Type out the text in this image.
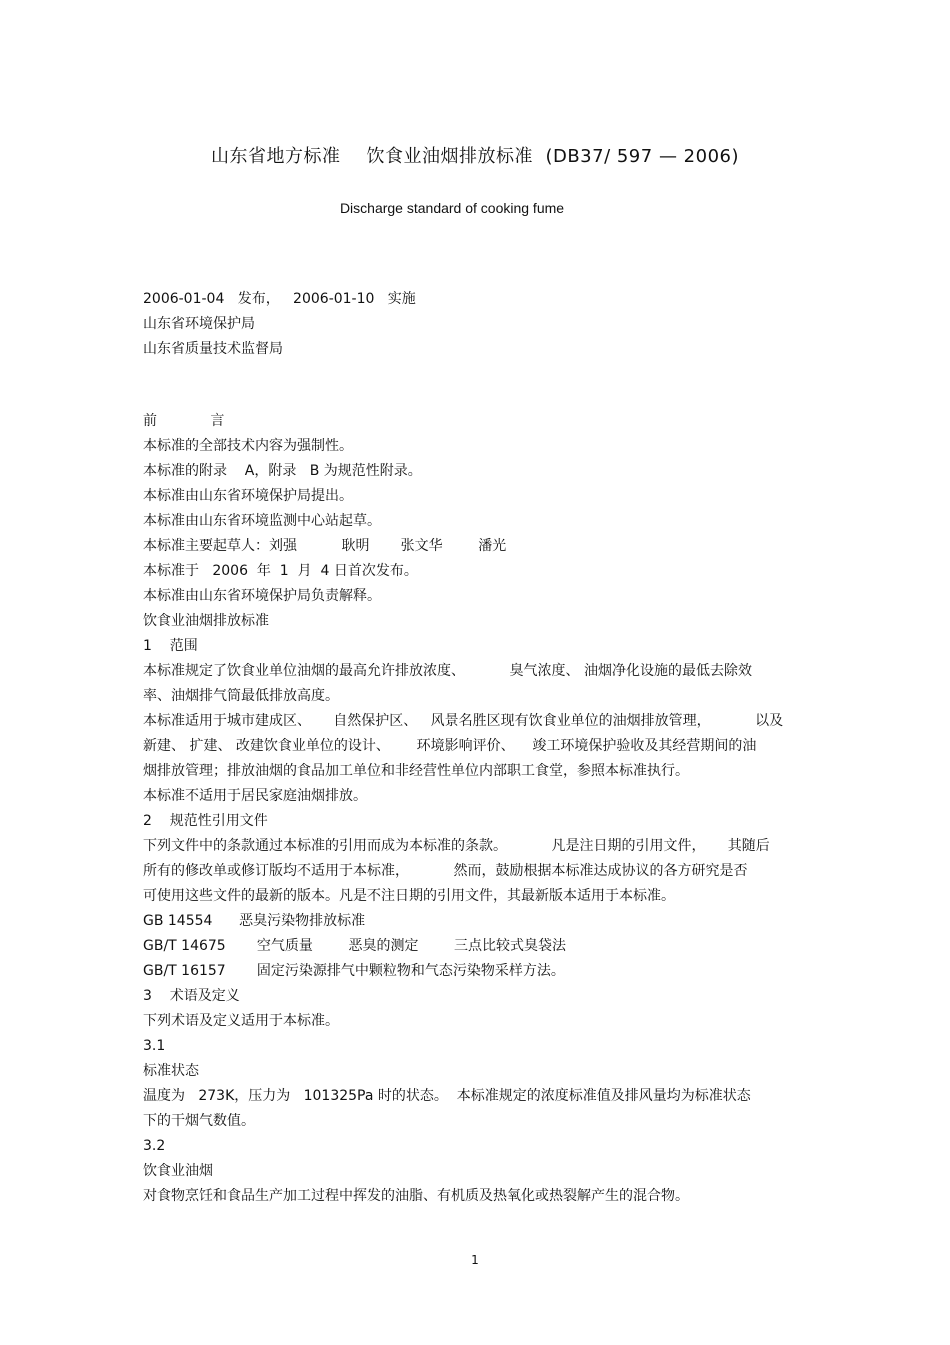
山东省地方标准 饮食业油烟排放标准 (DB37/ 597 — 2006)
Discharge standard of cooking fume
2006-01-04   发布，   2006-01-10   实施
山东省环境保护局
山东省质量技术监督局
前            言
本标准的全部技术内容为强制性。
本标准的附录    A，附录   B 为规范性附录。
本标准由山东省环境保护局提出。
本标准由山东省环境监测中心站起草。
本标准主要起草人：刘强          耿明       张文华        潘光
本标准于   2006  年  1  月  4 日首次发布。
本标准由山东省环境保护局负责解释。
饮食业油烟排放标准
1    范围
本标准规定了饮食业单位油烟的最高允许排放浓度、          臭气浓度、 油烟净化设施的最低去除效
率、油烟排气筒最低排放高度。
本标准适用于城市建成区、     自然保护区、   风景名胜区现有饮食业单位的油烟排放管理，          以及
新建、 扩建、 改建饮食业单位的设计、      环境影响评价、    竣工环境保护验收及其经营期间的油
烟排放管理；排放油烟的食品加工单位和非经营性单位内部职工食堂，参照本标准执行。
本标准不适用于居民家庭油烟排放。
2    规范性引用文件
下列文件中的条款通过本标准的引用而成为本标准的条款。          凡是注日期的引用文件，     其随后
所有的修改单或修订版均不适用于本标准，          然而，鼓励根据本标准达成协议的各方研究是否
可使用这些文件的最新的版本。凡是不注日期的引用文件，其最新版本适用于本标准。
GB 14554      恶臭污染物排放标准
GB/T 14675       空气质量        恶臭的测定        三点比较式臭袋法
GB/T 16157       固定污染源排气中颗粒物和气态污染物采样方法。
3    术语及定义
下列术语及定义适用于本标准。
3.1
标准状态
温度为   273K，压力为   101325Pa 时的状态。  本标准规定的浓度标准值及排风量均为标准状态
下的干烟气数值。
3.2
饮食业油烟
对食物烹饪和食品生产加工过程中挥发的油脂、有机质及热氧化或热裂解产生的混合物。
1
